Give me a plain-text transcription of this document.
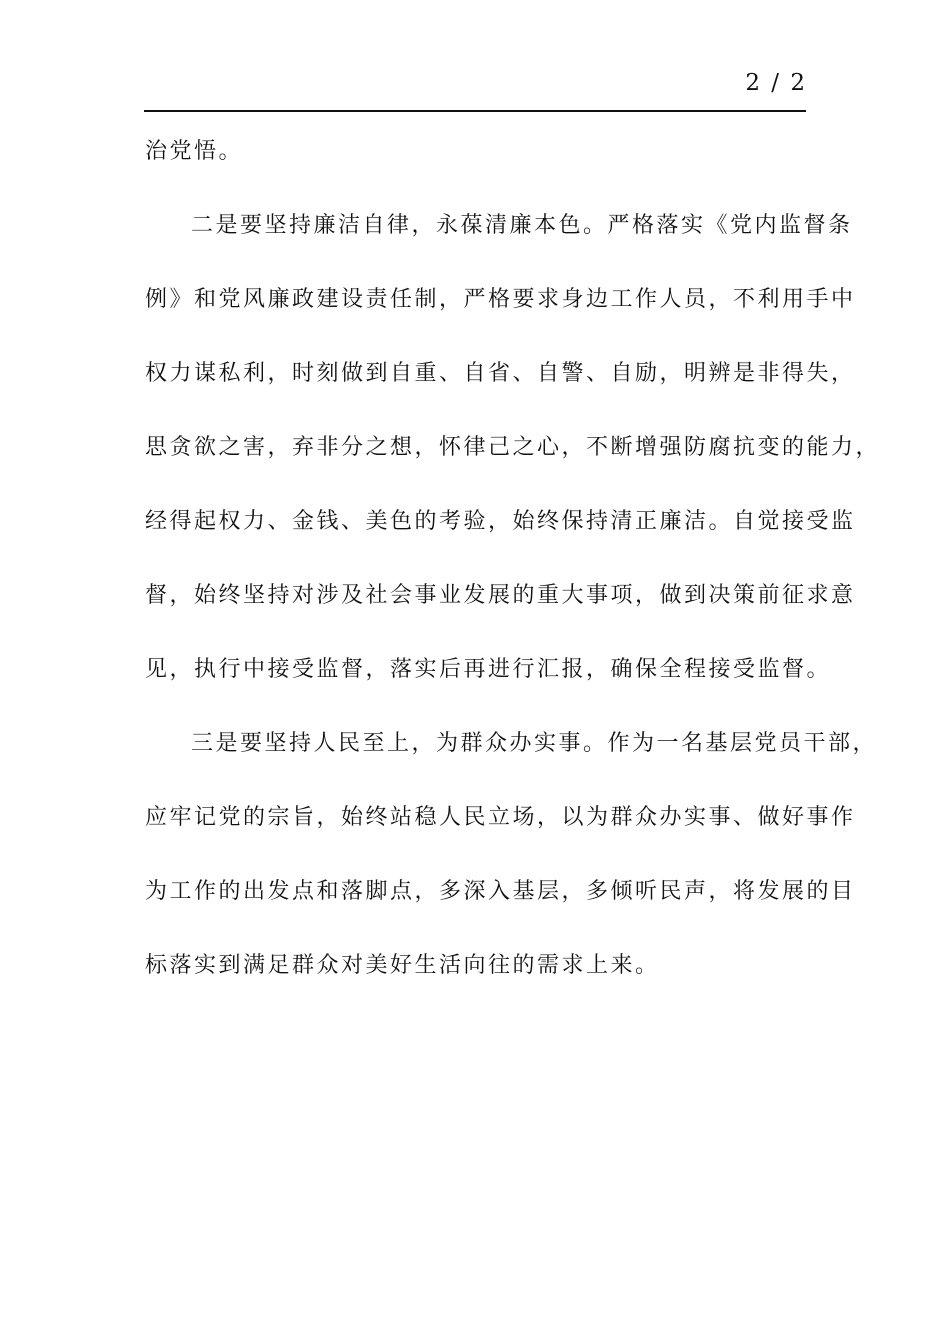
2 / 2
治党悟。
二是要坚持廉洁自律，永葆清廉本色。严格落实《党内监督条
例》和党风廉政建设责任制，严格要求身边工作人员，不利用手中
权力谋私利，时刻做到自重、自省、自警、自励，明辨是非得失，
思贪欲之害，弃非分之想，怀律己之心，不断增强防腐抗变的能力，
经得起权力、金钱、美色的考验，始终保持清正廉洁。自觉接受监
督，始终坚持对涉及社会事业发展的重大事项，做到决策前征求意
见，执行中接受监督，落实后再进行汇报，确保全程接受监督。
三是要坚持人民至上，为群众办实事。作为一名基层党员干部，
应牢记党的宗旨，始终站稳人民立场，以为群众办实事、做好事作
为工作的出发点和落脚点，多深入基层，多倾听民声，将发展的目
标落实到满足群众对美好生活向往的需求上来。
